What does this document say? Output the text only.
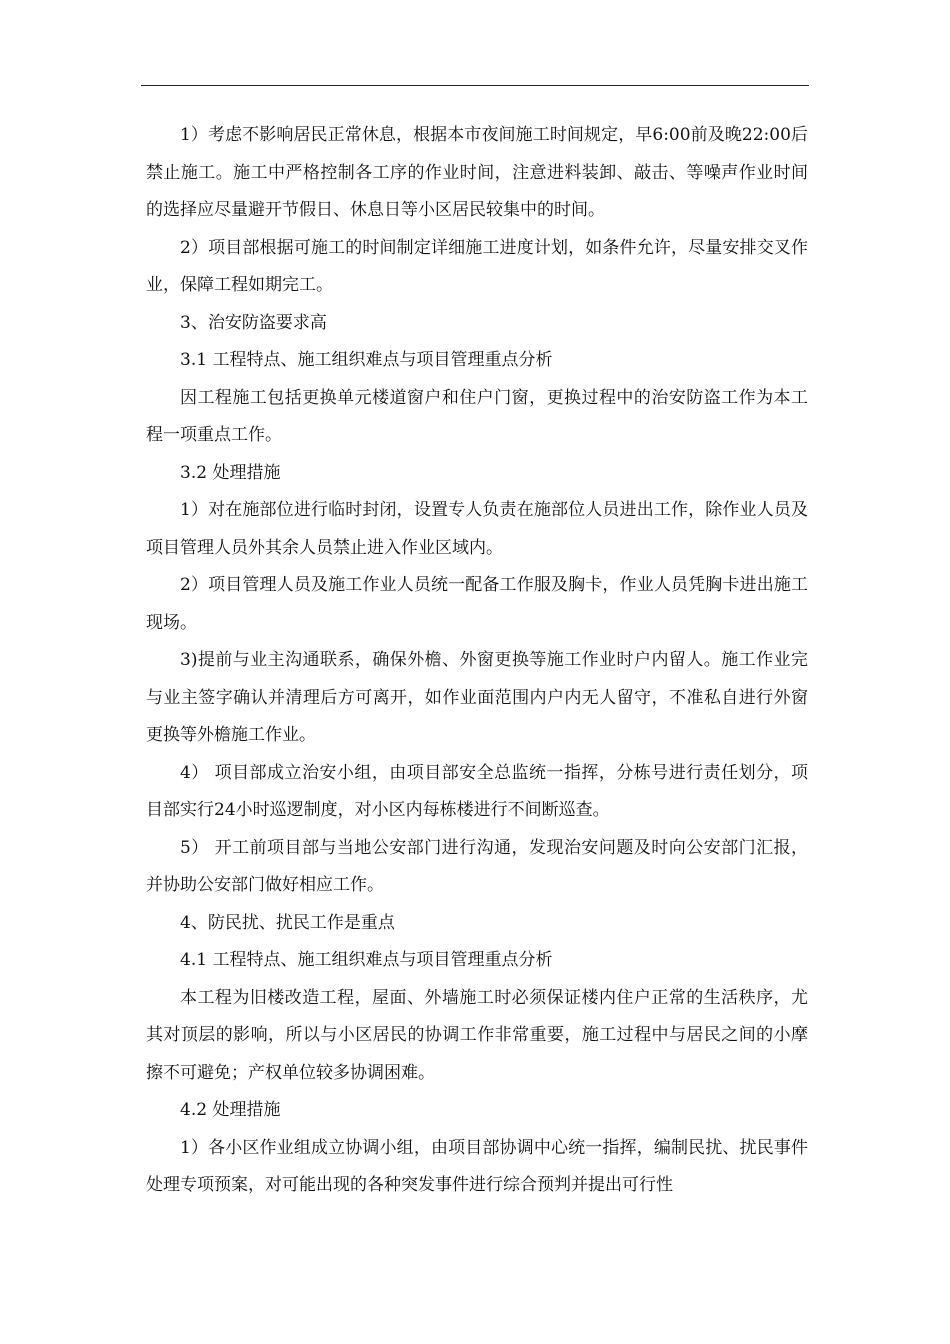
1）考虑不影响居民正常休息，根据本市夜间施工时间规定，早6:00前及晚22:00后禁止施工。施工中严格控制各工序的作业时间，注意进料装卸、敲击、等噪声作业时间的选择应尽量避开节假日、休息日等小区居民较集中的时间。

2）项目部根据可施工的时间制定详细施工进度计划，如条件允许，尽量安排交叉作业，保障工程如期完工。

3、治安防盗要求高

3.1 工程特点、施工组织难点与项目管理重点分析

因工程施工包括更换单元楼道窗户和住户门窗，更换过程中的治安防盗工作为本工程一项重点工作。

3.2 处理措施

1）对在施部位进行临时封闭，设置专人负责在施部位人员进出工作，除作业人员及项目管理人员外其余人员禁止进入作业区域内。

2）项目管理人员及施工作业人员统一配备工作服及胸卡，作业人员凭胸卡进出施工现场。

3)提前与业主沟通联系，确保外檐、外窗更换等施工作业时户内留人。施工作业完与业主签字确认并清理后方可离开，如作业面范围内户内无人留守，不准私自进行外窗更换等外檐施工作业。

4） 项目部成立治安小组，由项目部安全总监统一指挥，分栋号进行责任划分，项目部实行24小时巡逻制度，对小区内每栋楼进行不间断巡查。

5） 开工前项目部与当地公安部门进行沟通，发现治安问题及时向公安部门汇报，并协助公安部门做好相应工作。

4、防民扰、扰民工作是重点

4.1 工程特点、施工组织难点与项目管理重点分析

本工程为旧楼改造工程，屋面、外墙施工时必须保证楼内住户正常的生活秩序，尤其对顶层的影响，所以与小区居民的协调工作非常重要，施工过程中与居民之间的小摩擦不可避免；产权单位较多协调困难。

4.2 处理措施

1）各小区作业组成立协调小组，由项目部协调中心统一指挥，编制民扰、扰民事件处理专项预案，对可能出现的各种突发事件进行综合预判并提出可行性
